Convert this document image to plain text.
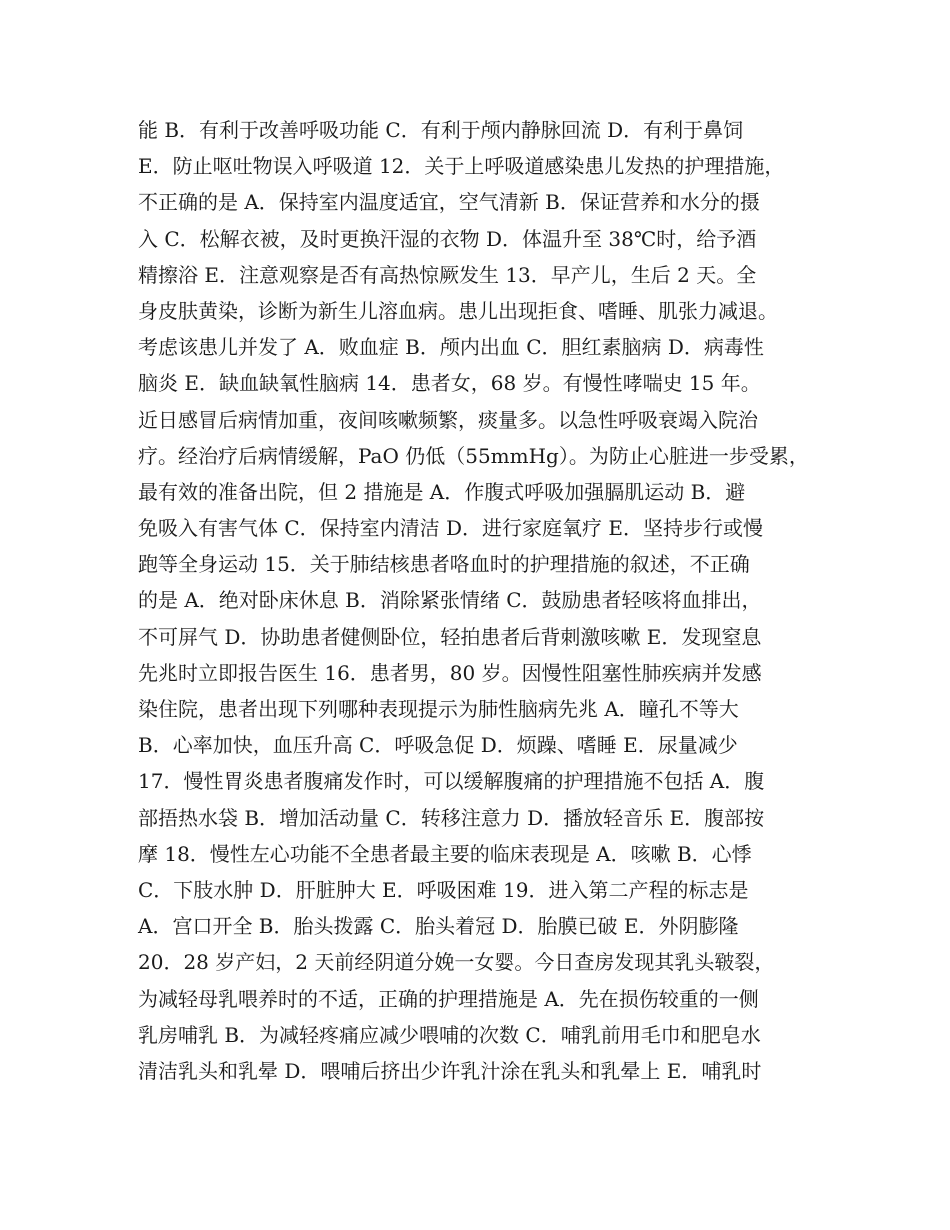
能 B．有利于改善呼吸功能 C．有利于颅内静脉回流 D．有利于鼻饲
E．防止呕吐物误入呼吸道 12．关于上呼吸道感染患儿发热的护理措施，
不正确的是 A．保持室内温度适宜，空气清新 B．保证营养和水分的摄
入 C．松解衣被，及时更换汗湿的衣物 D．体温升至 38℃时，给予酒
精擦浴 E．注意观察是否有高热惊厥发生 13．早产儿，生后 2 天。全
身皮肤黄染，诊断为新生儿溶血病。患儿出现拒食、嗜睡、肌张力减退。
考虑该患儿并发了 A．败血症 B．颅内出血 C．胆红素脑病 D．病毒性
脑炎 E．缺血缺氧性脑病 14．患者女，68 岁。有慢性哮喘史 15 年。
近日感冒后病情加重，夜间咳嗽频繁，痰量多。以急性呼吸衰竭入院治
疗。经治疗后病情缓解，PaO 仍低（55mmHg）。为防止心脏进一步受累，
最有效的准备出院，但 2 措施是 A．作腹式呼吸加强膈肌运动 B．避
免吸入有害气体 C．保持室内清洁 D．进行家庭氧疗 E．坚持步行或慢
跑等全身运动 15．关于肺结核患者咯血时的护理措施的叙述，不正确
的是 A．绝对卧床休息 B．消除紧张情绪 C．鼓励患者轻咳将血排出，
不可屏气 D．协助患者健侧卧位，轻拍患者后背刺激咳嗽 E．发现窒息
先兆时立即报告医生 16．患者男，80 岁。因慢性阻塞性肺疾病并发感
染住院，患者出现下列哪种表现提示为肺性脑病先兆 A．瞳孔不等大
B．心率加快，血压升高 C．呼吸急促 D．烦躁、嗜睡 E．尿量减少
17．慢性胃炎患者腹痛发作时，可以缓解腹痛的护理措施不包括 A．腹
部捂热水袋 B．增加活动量 C．转移注意力 D．播放轻音乐 E．腹部按
摩 18．慢性左心功能不全患者最主要的临床表现是 A．咳嗽 B．心悸
C．下肢水肿 D．肝脏肿大 E．呼吸困难 19．进入第二产程的标志是
A．宫口开全 B．胎头拨露 C．胎头着冠 D．胎膜已破 E．外阴膨隆
20．28 岁产妇，2 天前经阴道分娩一女婴。今日查房发现其乳头皲裂，
为减轻母乳喂养时的不适，正确的护理措施是 A．先在损伤较重的一侧
乳房哺乳 B．为减轻疼痛应减少喂哺的次数 C．哺乳前用毛巾和肥皂水
清洁乳头和乳晕 D．喂哺后挤出少许乳汁涂在乳头和乳晕上 E．哺乳时
